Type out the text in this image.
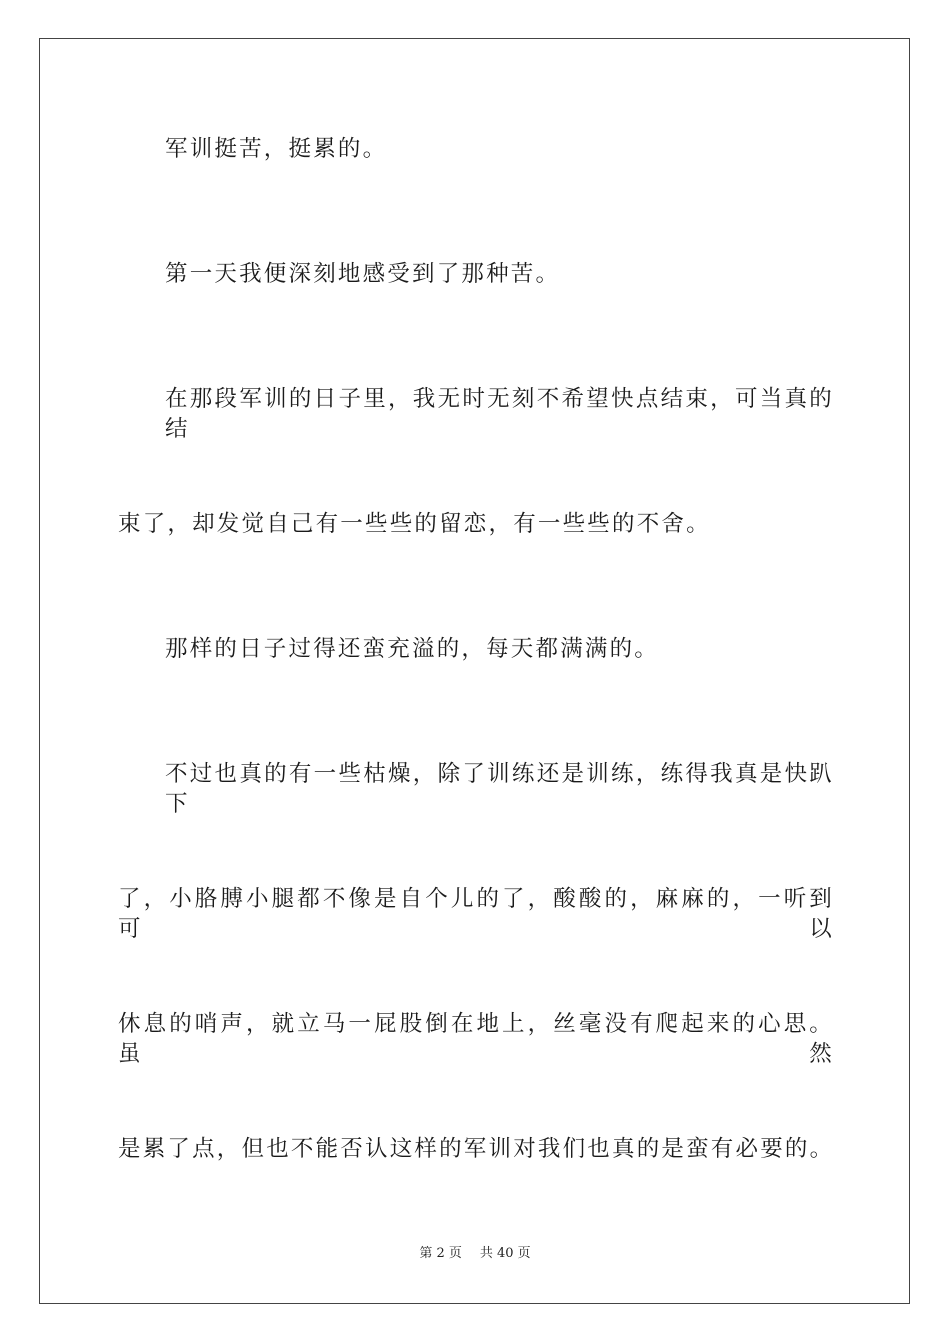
军训挺苦，挺累的。
第一天我便深刻地感受到了那种苦。
在那段军训的日子里，我无时无刻不希望快点结束，可当真的结
束了，却发觉自己有一些些的留恋，有一些些的不舍。
那样的日子过得还蛮充溢的，每天都满满的。
不过也真的有一些枯燥，除了训练还是训练，练得我真是快趴下
了，小胳膊小腿都不像是自个儿的了，酸酸的，麻麻的，一听到可以
休息的哨声，就立马一屁股倒在地上，丝毫没有爬起来的心思。虽然
是累了点，但也不能否认这样的军训对我们也真的是蛮有必要的。
第 2 页 共 40 页
